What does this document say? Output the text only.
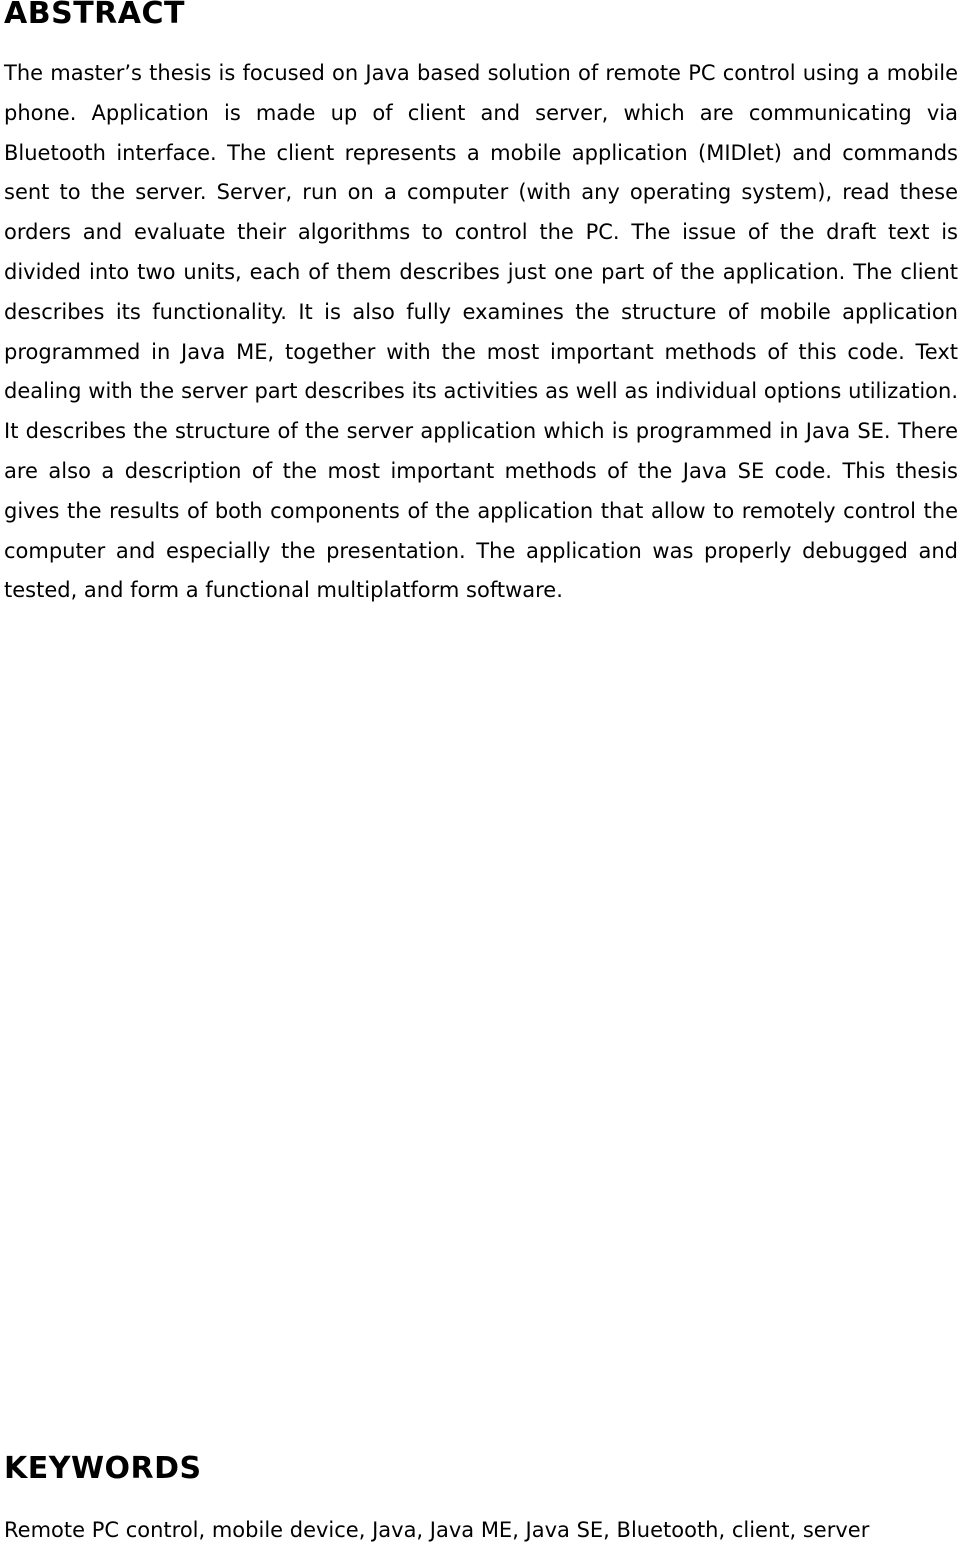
ABSTRACT

The master’s thesis is focused on Java based solution of remote PC control using a mobile phone. Application is made up of client and server, which are communicating via Bluetooth interface. The client represents a mobile application (MIDlet) and commands sent to the server. Server, run on a computer (with any operating system), read these orders and evaluate their algorithms to control the PC. The issue of the draft text is divided into two units, each of them describes just one part of the application. The client describes its functionality. It is also fully examines the structure of mobile application programmed in Java ME, together with the most important methods of this code. Text dealing with the server part describes its activities as well as individual options utilization. It describes the structure of the server application which is programmed in Java SE. There are also a description of the most important methods of the Java SE code. This thesis gives the results of both components of the application that allow to remotely control the computer and especially the presentation. The application was properly debugged and tested, and form a functional multiplatform software.

KEYWORDS

Remote PC control, mobile device, Java, Java ME, Java SE, Bluetooth, client, server
